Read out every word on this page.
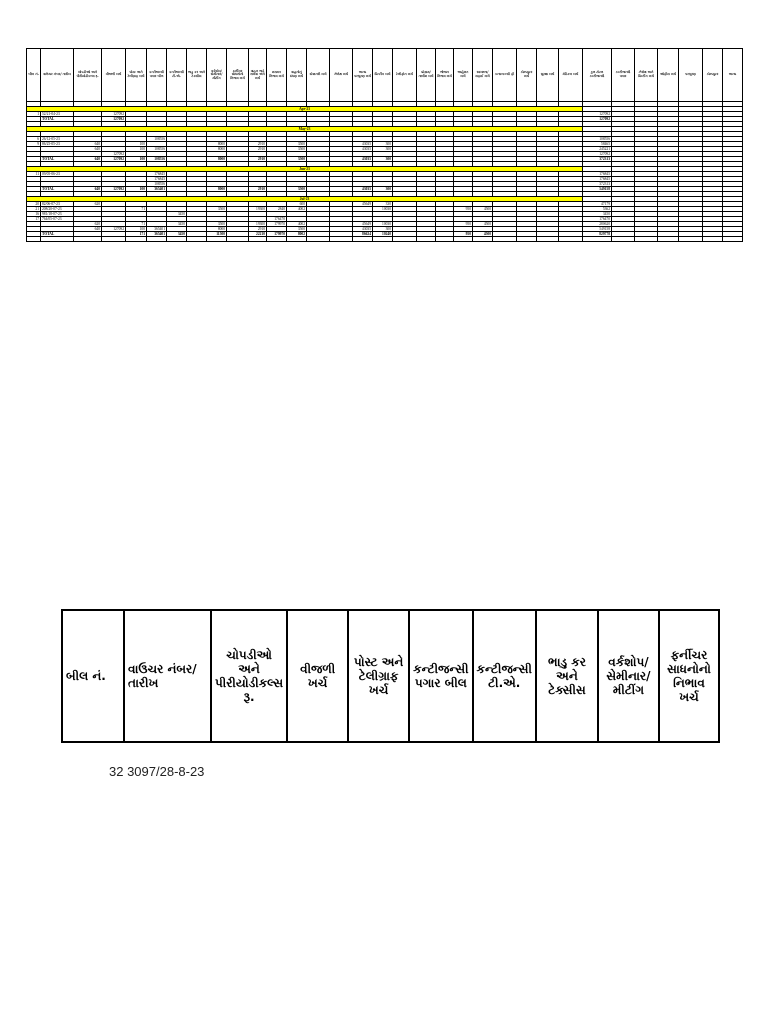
બીલ નં.	વાઉચર નંબર/ તારીખ	ચોપડીઓ અને પીરીયોડીકલ્સ રૂ.	વીજળી ખર્ચ	પોસ્ટ અને ટેલીગ્રાફ ખર્ચ	કન્ટીજન્સી પગાર બીલ	કન્ટીજન્સી ટી.એ.	ભાડુ કર અને ટેક્સીસ	વર્કશોપ/ સેમીનાર/ મીટીંગ	ફર્નીચર સાધનોનો નિભાવ ખર્ચ	વાહન ભાડે રાખવા અંગે ખર્ચ	મરામત નિભાવ ખર્ચ	વાહનોનું ઇંધણ ખર્ચ	સ્ટેશનરી ખર્ચ	ઝેરોક્ષ ખર્ચ	અન્ય પરચુરણ ખર્ચ	પ્રિન્ટીંગ ખર્ચ	ટેલીફોન ખર્ચ	પ્રોગ્રામ/ તાલીમ ખર્ચ	ભોજન નિભાવ ખર્ચ	જાહેરાત ખર્ચ	સ્વચ્છતા/ સફાઈ ખર્ચ	કન્સલ્ટન્સી ફી	કોમ્પ્યુટર ખર્ચ	સુરક્ષા ખર્ચ	મેડિકલ ખર્ચ	કુલ ટોટલ કન્ટીજન્સી	કન્ટીજન્સી પગાર	ઝેરોક્ષ અને પ્રિન્ટીંગ ખર્ચ	ઓફીસ ખર્ચ	પરચુરણ	કોમ્પ્યુટર	અન્ય

Apr-23																																
1	52/21-04-23		127092																							127092						
	TOTAL		127092																							127092						

May-23																																

6	26/12-05-23				108556																					108556						
9	86/25-05-23	640		100				8000		2910		3500			43035	300										58465						
		640		100	108556			8000		2910		3500			43035	300										245221						
			127092																							127092						
	TOTAL	640	127092	100	108556			8000		2910		3500			43035	300										372313						

Jun-23																																
11	09/05-06-23				176845																					176845						
					176845																					176845						
					108556																					372313						
	TOTAL	640	127092	100	365401			8000		2910		3500			43035	300										549158						

Jul-23																																
20	82/06-07-23	620										600			45649	330										47179						
21	208/20-07-23			71				3500		19300	2840	4002				10030				950	4500					5362						
16	981/18-07-23					3450																				3450						
17	764/05-07-23										176470															176470						
		620		71		3450		3500		19300	179970	4002			45649	10030				950	4500					280620						
		640	127092	100	365401			8000		2910		3500			43035	300										549158						
	TOTAL			171	365401	3450		11500		22210	179970	8002			86624	10240				950	4500					829778						

બીલ નં.	વાઉચર નંબર/ તારીખ	ચોપડીઓ અને પીરીયોડીકલ્સ રૂ.	વીજળી ખર્ચ	પોસ્ટ અને ટેલીગ્રાફ ખર્ચ	કન્ટીજન્સી પગાર બીલ	કન્ટીજન્સી ટી.એ.	ભાડુ કર અને ટેક્સીસ	વર્કશોપ/ સેમીનાર/ મીટીંગ	ફર્નીચર સાધનોનો નિભાવ ખર્ચ
32 3097/28-8-23
